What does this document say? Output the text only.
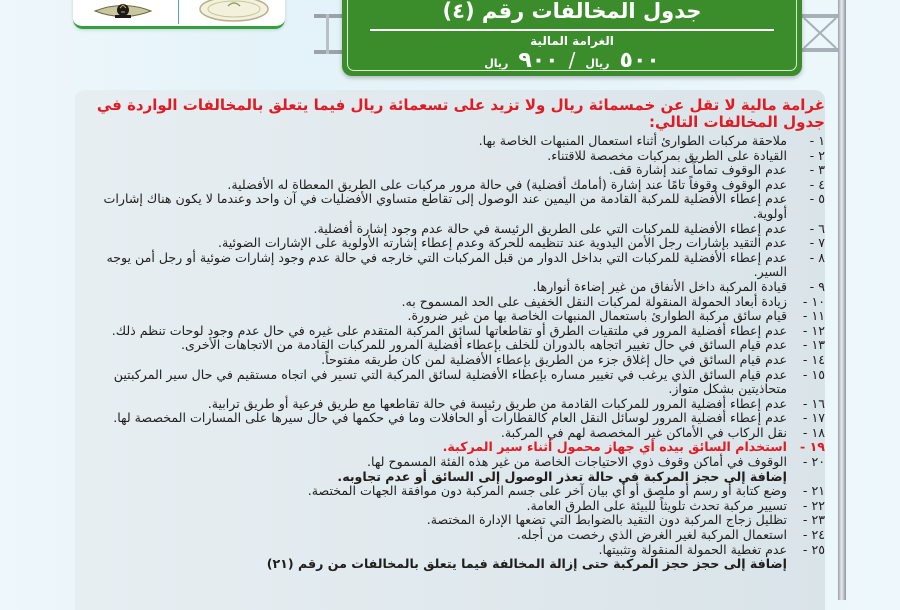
جدول المخالفات رقم (٤)
الغرامة المالية
٥٠٠
ريال
/
٩٠٠
ريال

غرامة مالية لا تقل عن خمسمائة ريال ولا تزيد على تسعمائة ريال فيما يتعلق بالمخالفات الواردة في جدول المخالفات التالي:

١ -
ملاحقة مركبات الطوارئ أثناء استعمال المنبهات الخاصة بها.
٢ -
القيادة على الطريق بمركبات مخصصة للاقتناء.
٣ -
عدم الوقوف تماماً عند إشارة قف.
٤ -
عدم الوقوف وقوفاً تامًا عند إشارة (أمامك أفضلية) في حالة مرور مركبات على الطريق المعطاة له الأفضلية.
٥ -
عدم إعطاء الأفضلية للمركبة القادمة من اليمين عند الوصول إلى تقاطع متساوي الأفضليات في آن واحد وعندما لا يكون هناك إشارات أولوية.
٦ -
عدم إعطاء الأفضلية للمركبات التي على الطريق الرئيسة في حالة عدم وجود إشارة أفضلية.
٧ -
عدم التقيد بإشارات رجل الأمن اليدوية عند تنظيمه للحركة وعدم إعطاء إشارته الأولوية على الإشارات الضوئية.
٨ -
عدم إعطاء الأفضلية للمركبات التي بداخل الدوار من قبل المركبات التي خارجه في حالة عدم وجود إشارات ضوئية أو رجل أمن يوجه السير.
٩ -
قيادة المركبة داخل الأنفاق من غير إضاءة أنوارها.
١٠ -
زيادة أبعاد الحمولة المنقولة لمركبات النقل الخفيف على الحد المسموح به.
١١ -
قيام سائق مركبة الطوارئ باستعمال المنبهات الخاصة بها من غير ضرورة.
١٢ -
عدم إعطاء أفضلية المرور في ملتقيات الطرق أو تقاطعاتها لسائق المركبة المتقدم على غيره في حال عدم وجود لوحات تنظم ذلك.
١٣ -
عدم قيام السائق في حال تغيير اتجاهه بالدوران للخلف بإعطاء أفضلية المرور للمركبات القادمة من الاتجاهات الأخرى.
١٤ -
عدم قيام السائق في حال إغلاق جزء من الطريق بإعطاء الأفضلية لمن كان طريقه مفتوحاً.
١٥ -
عدم قيام السائق الذي يرغب في تغيير مساره بإعطاء الأفضلية لسائق المركبة التي تسير في اتجاه مستقيم في حال سير المركبتين متحاذيتين بشكل متواز.
١٦ -
عدم إعطاء أفضلية المرور للمركبات القادمة من طريق رئيسة في حالة تقاطعها مع طريق فرعية أو طريق ترابية.
١٧ -
عدم إعطاء أفضلية المرور لوسائل النقل العام كالقطارات أو الحافلات وما في حكمها في حال سيرها على المسارات المخصصة لها.
١٨ -
نقل الركاب في الأماكن غير المخصصة لهم في المركبة.
١٩ -
استخدام السائق بيده أي جهاز محمول أثناء سير المركبة.
٢٠ -
الوقوف في أماكن وقوف ذوي الاحتياجات الخاصة من غير هذه الفئة المسموح لها.
إضافة إلى حجز المركبة في حالة تعذر الوصول إلى السائق أو عدم تجاوبه.
٢١ -
وضع كتابة أو رسم أو ملصق أو أي بيان آخر على جسم المركبة دون موافقة الجهات المختصة.
٢٢ -
تسيير مركبة تحدث تلويثاً للبيئة على الطرق العامة.
٢٣ -
تظليل زجاج المركبة دون التقيد بالضوابط التي تضعها الإدارة المختصة.
٢٤ -
استعمال المركبة لغير الغرض الذي رخصت من أجله.
٢٥ -
عدم تغطية الحمولة المنقولة وتثبيتها.
إضافة إلى حجز حجز المركبة حتى إزالة المخالفة فيما يتعلق بالمخالفات من رقم (٢١)
